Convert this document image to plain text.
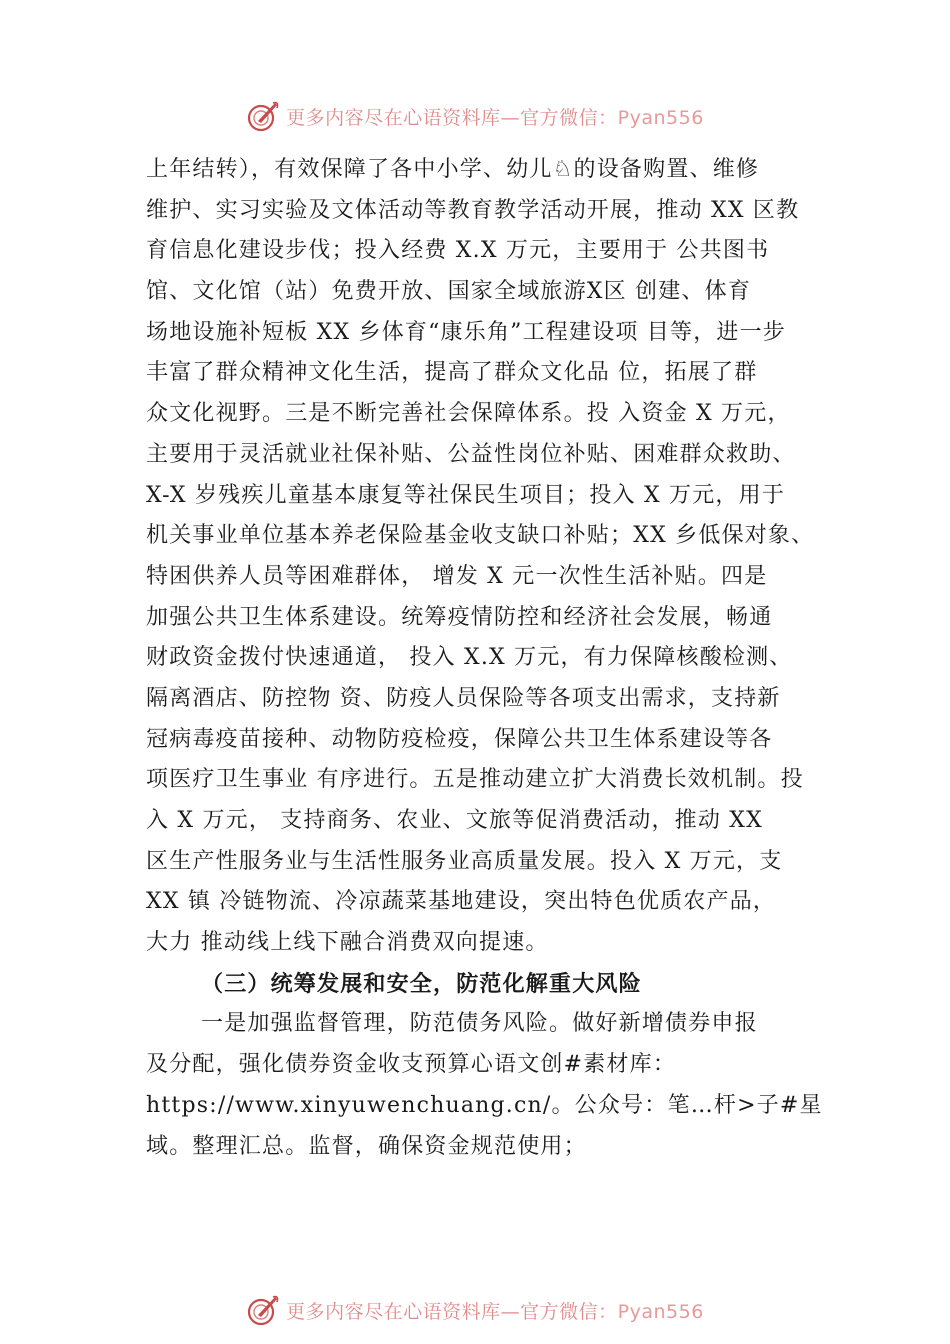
更多内容尽在心语资料库—官方微信：Pyan556
上年结转），有效保障了各中小学、幼儿♘的设备购置、维修
维护、实习实验及文体活动等教育教学活动开展，推动 XX 区教
育信息化建设步伐；投入经费 X.X 万元，主要用于 公共图书
馆、文化馆（站）免费开放、国家全域旅游Ⅹ区 创建、体育
场地设施补短板 XX 乡体育“康乐角”工程建设项 目等，进一步
丰富了群众精神文化生活，提高了群众文化品 位，拓展了群
众文化视野。三是不断完善社会保障体系。投 入资金 X 万元，
主要用于灵活就业社保补贴、公益性岗位补贴、困难群众救助、
X-X 岁残疾儿童基本康复等社保民生项目；投入 X 万元，用于
机关事业单位基本养老保险基金收支缺口补贴；XX 乡低保对象、
特困供养人员等困难群体， 增发 X 元一次性生活补贴。四是
加强公共卫生体系建设。统筹疫情防控和经济社会发展，畅通
财政资金拨付快速通道， 投入 X.X 万元，有力保障核酸检测、
隔离酒店、防控物 资、防疫人员保险等各项支出需求，支持新
冠病毒疫苗接种、动物防疫检疫，保障公共卫生体系建设等各
项医疗卫生事业 有序进行。五是推动建立扩大消费长效机制。投
入 X 万元， 支持商务、农业、文旅等促消费活动，推动 XX
区生产性服务业与生活性服务业高质量发展。投入 X 万元，支
XX 镇 冷链物流、冷凉蔬菜基地建设，突出特色优质农产品，
大力 推动线上线下融合消费双向提速。
（三）统筹发展和安全，防范化解重大风险
一是加强监督管理，防范债务风险。做好新增债券申报
及分配，强化债券资金收支预算心语文创#素材库：
https://www.xinyuwenchuang.cn/。公众号：笔…杆>子#星
域。整理汇总。监督，确保资金规范使用；
更多内容尽在心语资料库—官方微信：Pyan556
